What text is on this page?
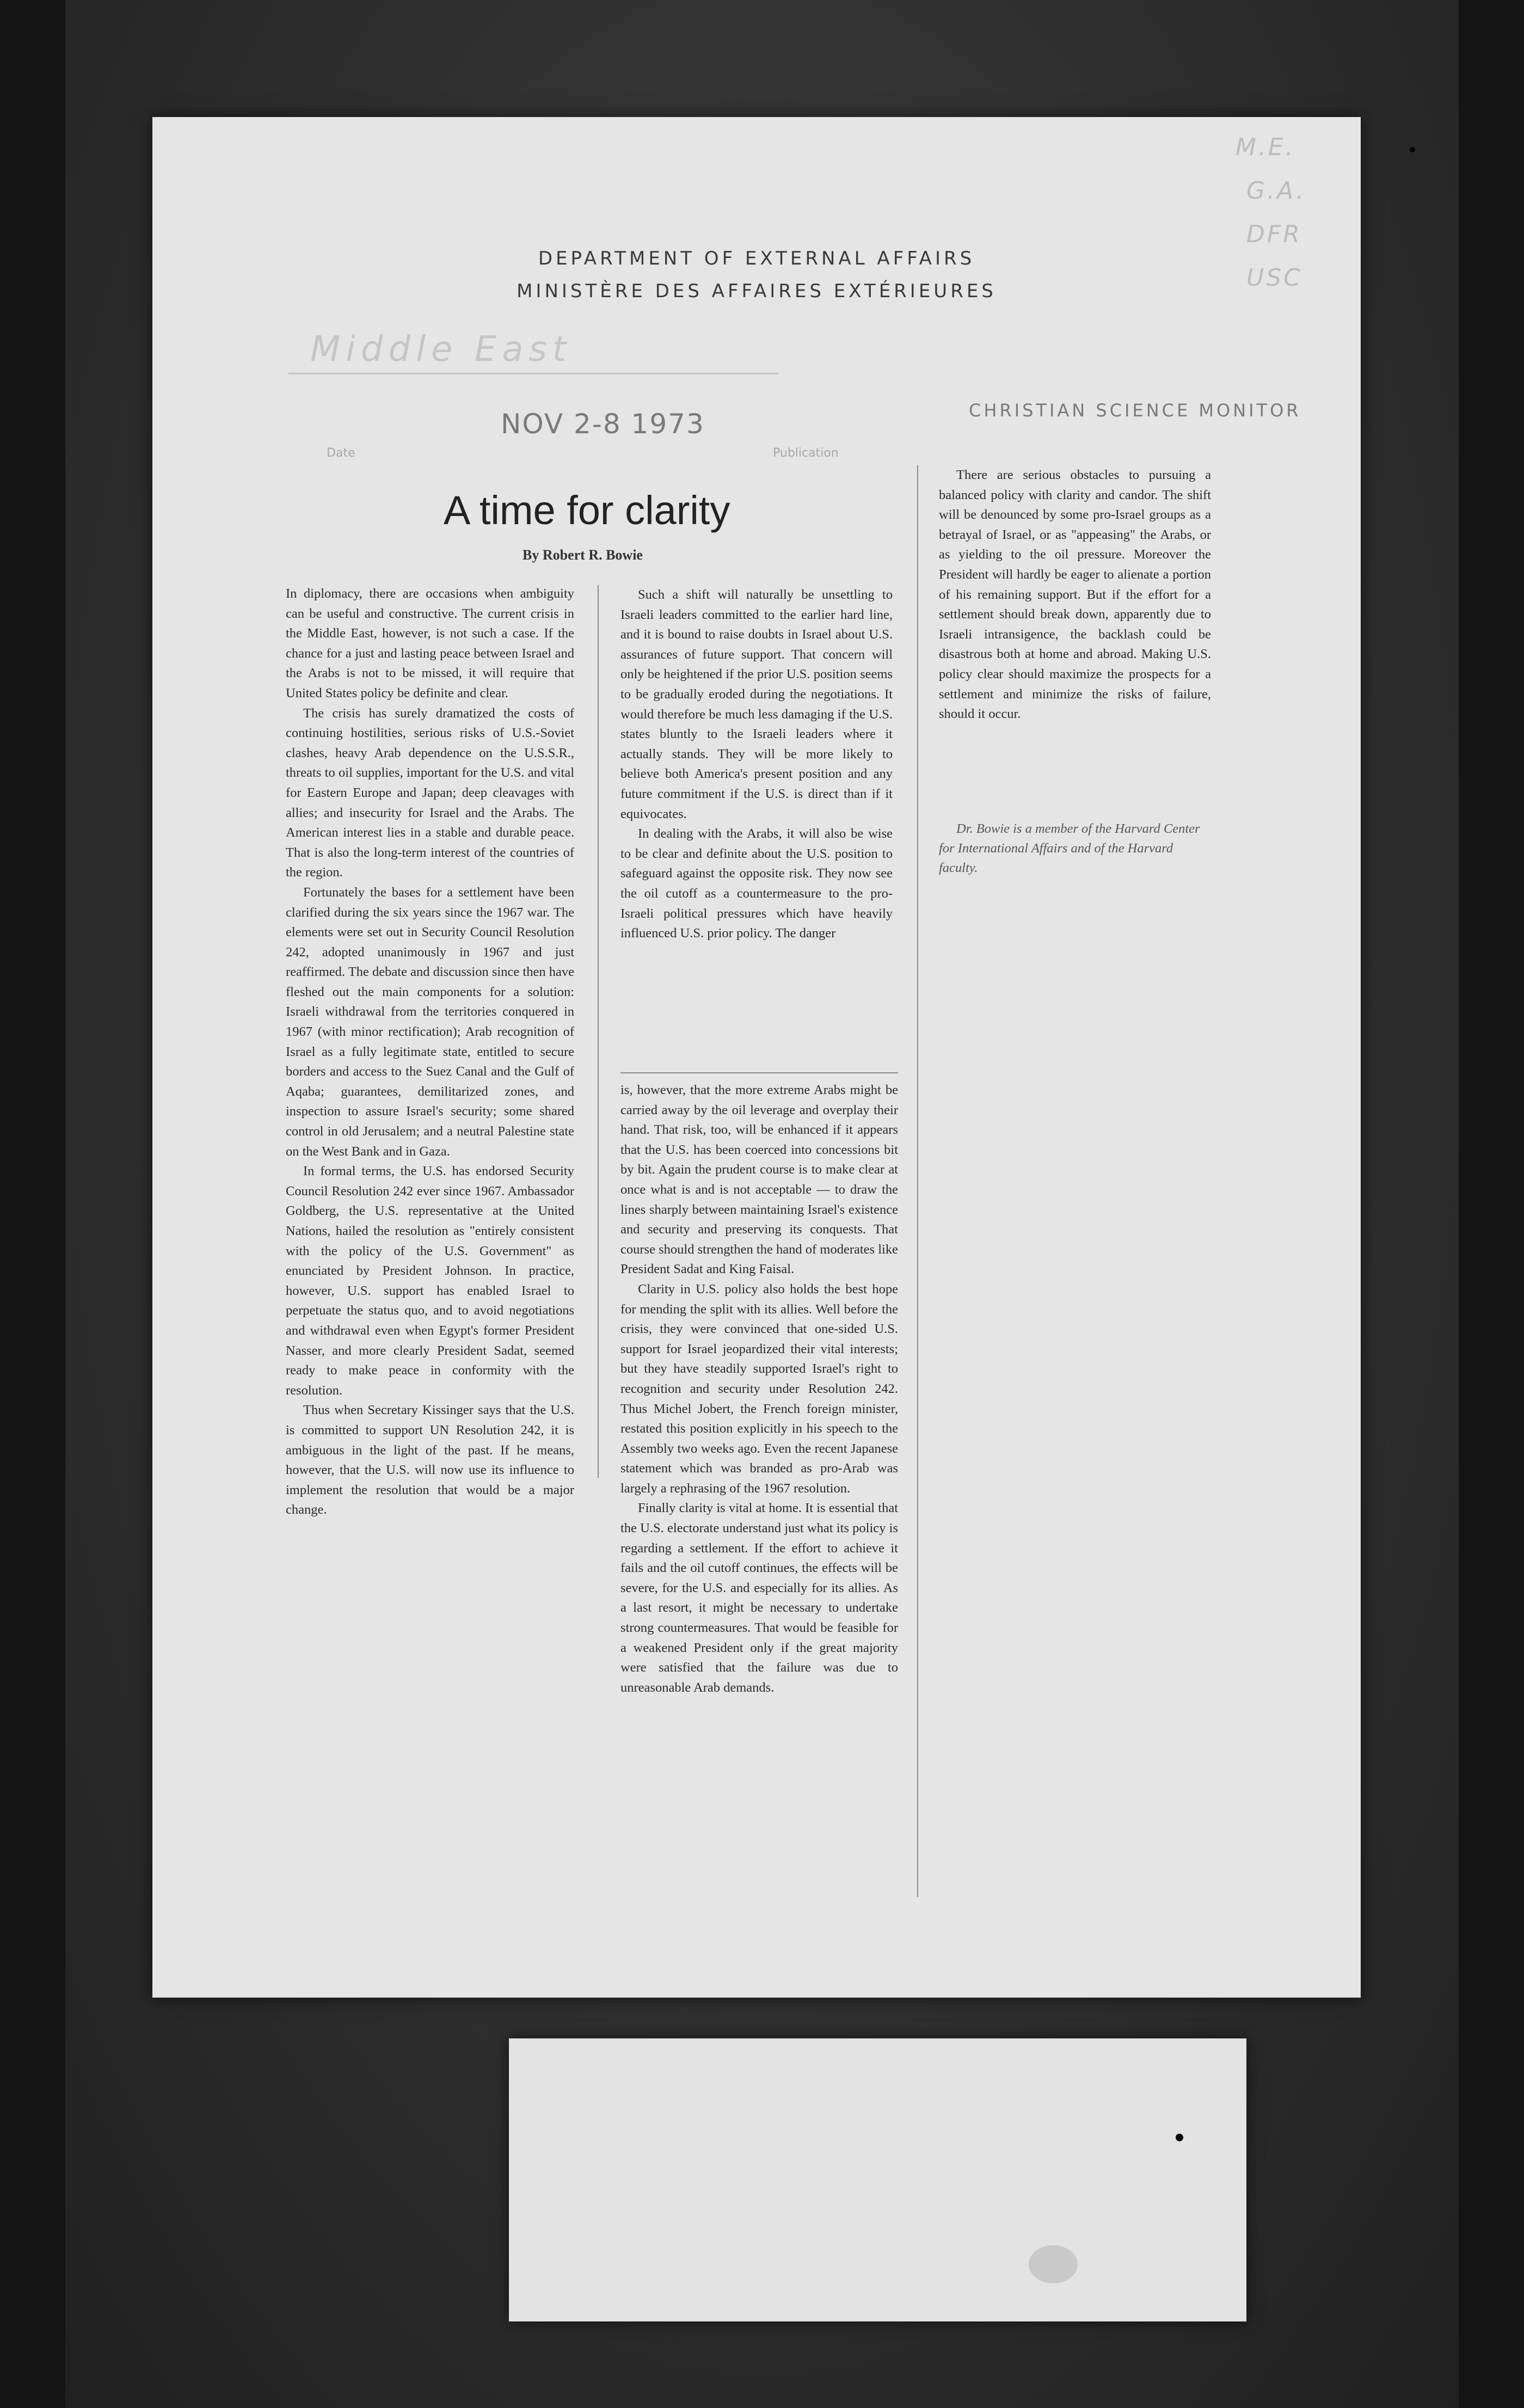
M.E.
G.A.
DFR
USC
DEPARTMENT OF EXTERNAL AFFAIRS
MINISTÈRE DES AFFAIRES EXTÉRIEURES
Middle East
NOV 2-8 1973	CHRISTIAN SCIENCE MONITOR
Date	Publication
A time for clarity
By Robert R. Bowie

In diplomacy, there are occasions when ambiguity can be useful and constructive. The current crisis in the Middle East, however, is not such a case. If the chance for a just and lasting peace between Israel and the Arabs is not to be missed, it will require that United States policy be definite and clear.

The crisis has surely dramatized the costs of continuing hostilities, serious risks of U.S.-Soviet clashes, heavy Arab dependence on the U.S.S.R., threats to oil supplies, important for the U.S. and vital for Eastern Europe and Japan; deep cleavages with allies; and insecurity for Israel and the Arabs. The American interest lies in a stable and durable peace. That is also the long-term interest of the countries of the region.

Fortunately the bases for a settlement have been clarified during the six years since the 1967 war. The elements were set out in Security Council Resolution 242, adopted unanimously in 1967 and just reaffirmed. The debate and discussion since then have fleshed out the main components for a solution: Israeli withdrawal from the territories conquered in 1967 (with minor rectification); Arab recognition of Israel as a fully legitimate state, entitled to secure borders and access to the Suez Canal and the Gulf of Aqaba; guarantees, demilitarized zones, and inspection to assure Israel's security; some shared control in old Jerusalem; and a neutral Palestine state on the West Bank and in Gaza.

In formal terms, the U.S. has endorsed Security Council Resolution 242 ever since 1967. Ambassador Goldberg, the U.S. representative at the United Nations, hailed the resolution as "entirely consistent with the policy of the U.S. Government" as enunciated by President Johnson. In practice, however, U.S. support has enabled Israel to perpetuate the status quo, and to avoid negotiations and withdrawal even when Egypt's former President Nasser, and more clearly President Sadat, seemed ready to make peace in conformity with the resolution.

Thus when Secretary Kissinger says that the U.S. is committed to support UN Resolution 242, it is ambiguous in the light of the past. If he means, however, that the U.S. will now use its influence to implement the resolution that would be a major change.

Such a shift will naturally be unsettling to Israeli leaders committed to the earlier hard line, and it is bound to raise doubts in Israel about U.S. assurances of future support. That concern will only be heightened if the prior U.S. position seems to be gradually eroded during the negotiations. It would therefore be much less damaging if the U.S. states bluntly to the Israeli leaders where it actually stands. They will be more likely to believe both America's present position and any future commitment if the U.S. is direct than if it equivocates.

In dealing with the Arabs, it will also be wise to be clear and definite about the U.S. position to safeguard against the opposite risk. They now see the oil cutoff as a countermeasure to the pro-Israeli political pressures which have heavily influenced U.S. prior policy. The danger

is, however, that the more extreme Arabs might be carried away by the oil leverage and overplay their hand. That risk, too, will be enhanced if it appears that the U.S. has been coerced into concessions bit by bit. Again the prudent course is to make clear at once what is and is not acceptable — to draw the lines sharply between maintaining Israel's existence and security and preserving its conquests. That course should strengthen the hand of moderates like President Sadat and King Faisal.

Clarity in U.S. policy also holds the best hope for mending the split with its allies. Well before the crisis, they were convinced that one-sided U.S. support for Israel jeopardized their vital interests; but they have steadily supported Israel's right to recognition and security under Resolution 242. Thus Michel Jobert, the French foreign minister, restated this position explicitly in his speech to the Assembly two weeks ago. Even the recent Japanese statement which was branded as pro-Arab was largely a rephrasing of the 1967 resolution.

Finally clarity is vital at home. It is essential that the U.S. electorate understand just what its policy is regarding a settlement. If the effort to achieve it fails and the oil cutoff continues, the effects will be severe, for the U.S. and especially for its allies. As a last resort, it might be necessary to undertake strong countermeasures. That would be feasible for a weakened President only if the great majority were satisfied that the failure was due to unreasonable Arab demands.

There are serious obstacles to pursuing a balanced policy with clarity and candor. The shift will be denounced by some pro-Israel groups as a betrayal of Israel, or as "appeasing" the Arabs, or as yielding to the oil pressure. Moreover the President will hardly be eager to alienate a portion of his remaining support. But if the effort for a settlement should break down, apparently due to Israeli intransigence, the backlash could be disastrous both at home and abroad. Making U.S. policy clear should maximize the prospects for a settlement and minimize the risks of failure, should it occur.

Dr. Bowie is a member of the Harvard Center for International Affairs and of the Harvard faculty.
